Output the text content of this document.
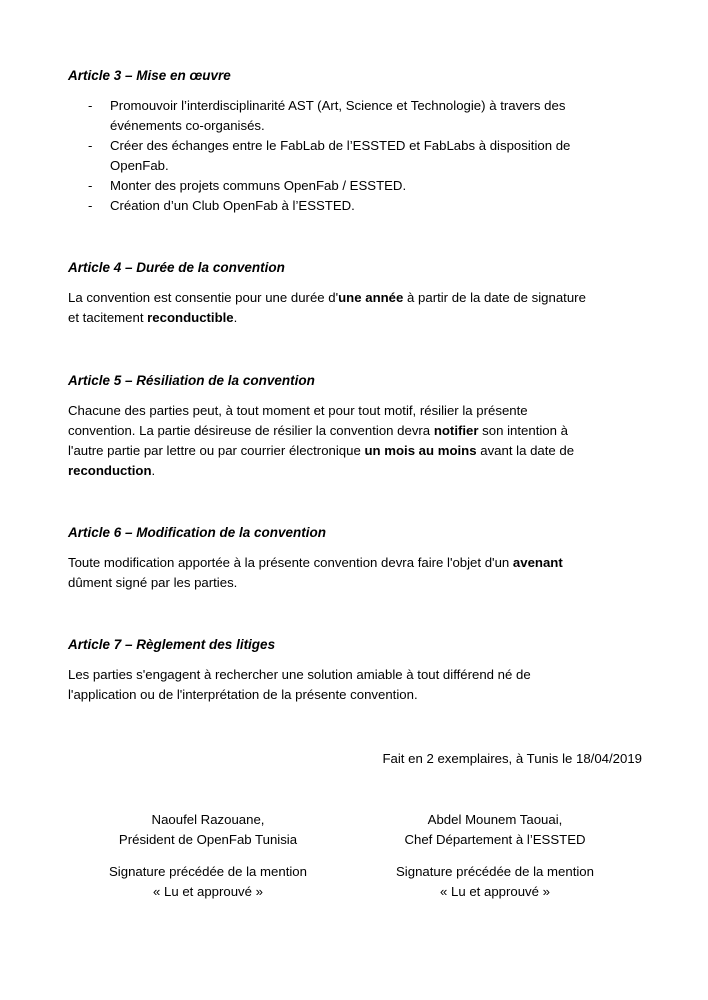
Article 3 – Mise en œuvre
- Promouvoir l’interdisciplinarité AST (Art, Science et Technologie) à travers des
événements co-organisés.
- Créer des échanges entre le FabLab de l’ESSTED et FabLabs à disposition de
OpenFab.
- Monter des projets communs OpenFab / ESSTED.
- Création d’un Club OpenFab à l’ESSTED.
Article 4 – Durée de la convention

La convention est consentie pour une durée d'une année à partir de la date de signature

et tacitement reconductible.

Article 5 – Résiliation de la convention

Chacune des parties peut, à tout moment et pour tout motif, résilier la présente

convention. La partie désireuse de résilier la convention devra notifier son intention à

l'autre partie par lettre ou par courrier électronique un mois au moins avant la date de

reconduction.

Article 6 – Modification de la convention

Toute modification apportée à la présente convention devra faire l'objet d'un avenant

dûment signé par les parties.

Article 7 – Règlement des litiges

Les parties s'engagent à rechercher une solution amiable à tout différend né de

l'application ou de l'interprétation de la présente convention.

Fait en 2 exemplaires, à Tunis le 18/04/2019
Naoufel Razouane,
Président de OpenFab Tunisia
Signature précédée de la mention
« Lu et approuvé »
Abdel Mounem Taouai,
Chef Département à l’ESSTED
Signature précédée de la mention
« Lu et approuvé »
